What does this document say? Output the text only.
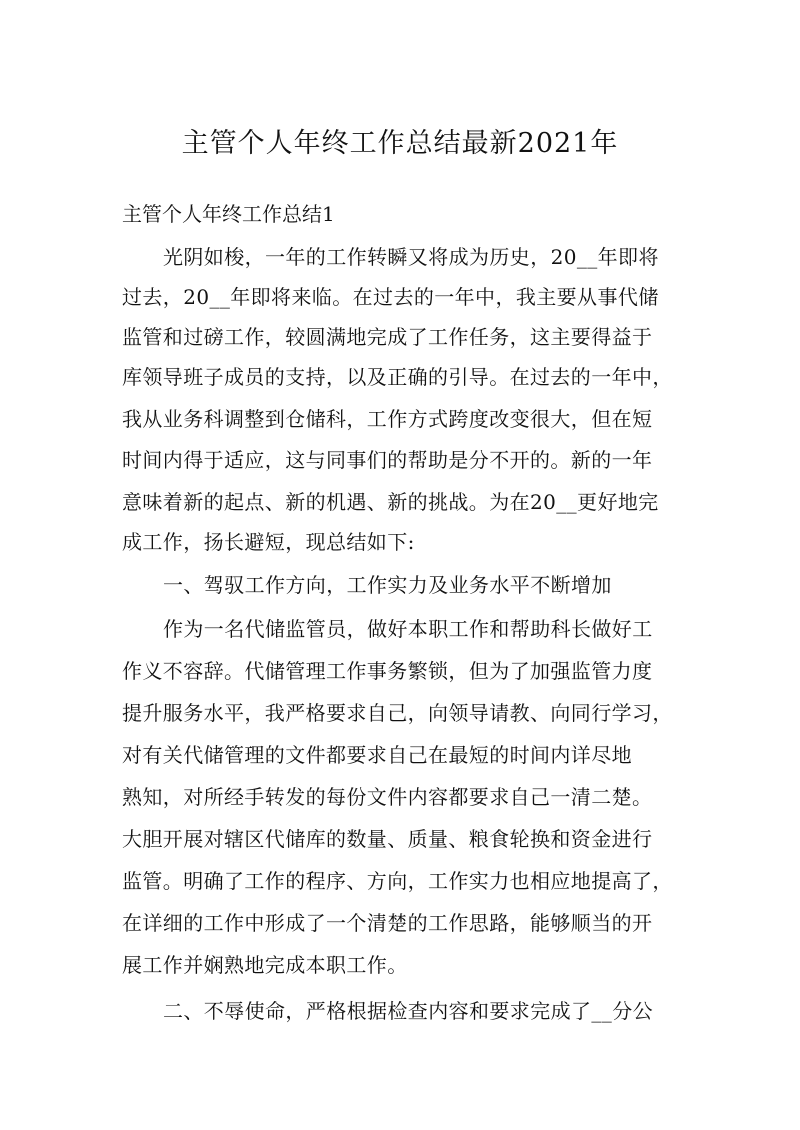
主管个人年终工作总结最新2021年
主管个人年终工作总结1
光阴如梭，一年的工作转瞬又将成为历史，20__年即将
过去，20__年即将来临。在过去的一年中，我主要从事代储
监管和过磅工作，较圆满地完成了工作任务，这主要得益于
库领导班子成员的支持，以及正确的引导。在过去的一年中，
我从业务科调整到仓储科，工作方式跨度改变很大，但在短
时间内得于适应，这与同事们的帮助是分不开的。新的一年
意味着新的起点、新的机遇、新的挑战。为在20__更好地完
成工作，扬长避短，现总结如下:
一、驾驭工作方向，工作实力及业务水平不断增加
作为一名代储监管员，做好本职工作和帮助科长做好工
作义不容辞。代储管理工作事务繁锁，但为了加强监管力度
提升服务水平，我严格要求自己，向领导请教、向同行学习，
对有关代储管理的文件都要求自己在最短的时间内详尽地
熟知，对所经手转发的每份文件内容都要求自己一清二楚。
大胆开展对辖区代储库的数量、质量、粮食轮换和资金进行
监管。明确了工作的程序、方向，工作实力也相应地提高了，
在详细的工作中形成了一个清楚的工作思路，能够顺当的开
展工作并娴熟地完成本职工作。
二、不辱使命，严格根据检查内容和要求完成了__分公
